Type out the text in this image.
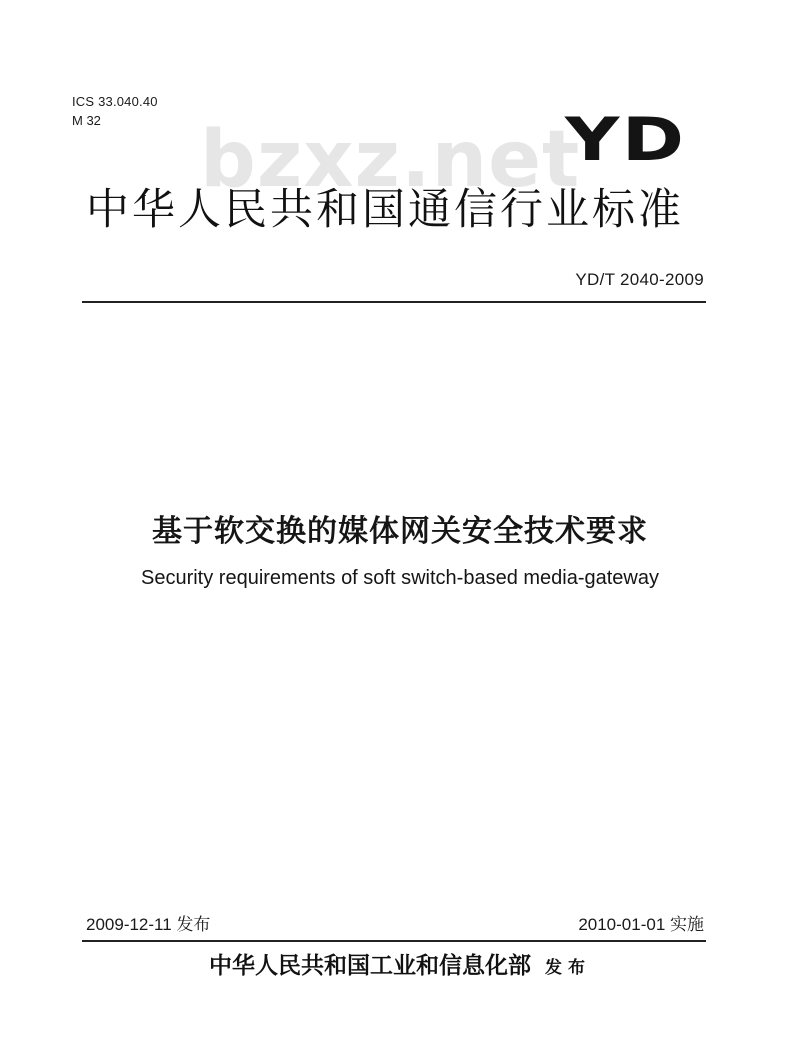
bzxz.net
ICS 33.040.40
M 32	YD
中华人民共和国通信行业标准
YD/T 2040-2009
基于软交换的媒体网关安全技术要求
Security requirements of soft switch-based media-gateway
2009-12-11 发布	2010-01-01 实施
中华人民共和国工业和信息化部 发布
